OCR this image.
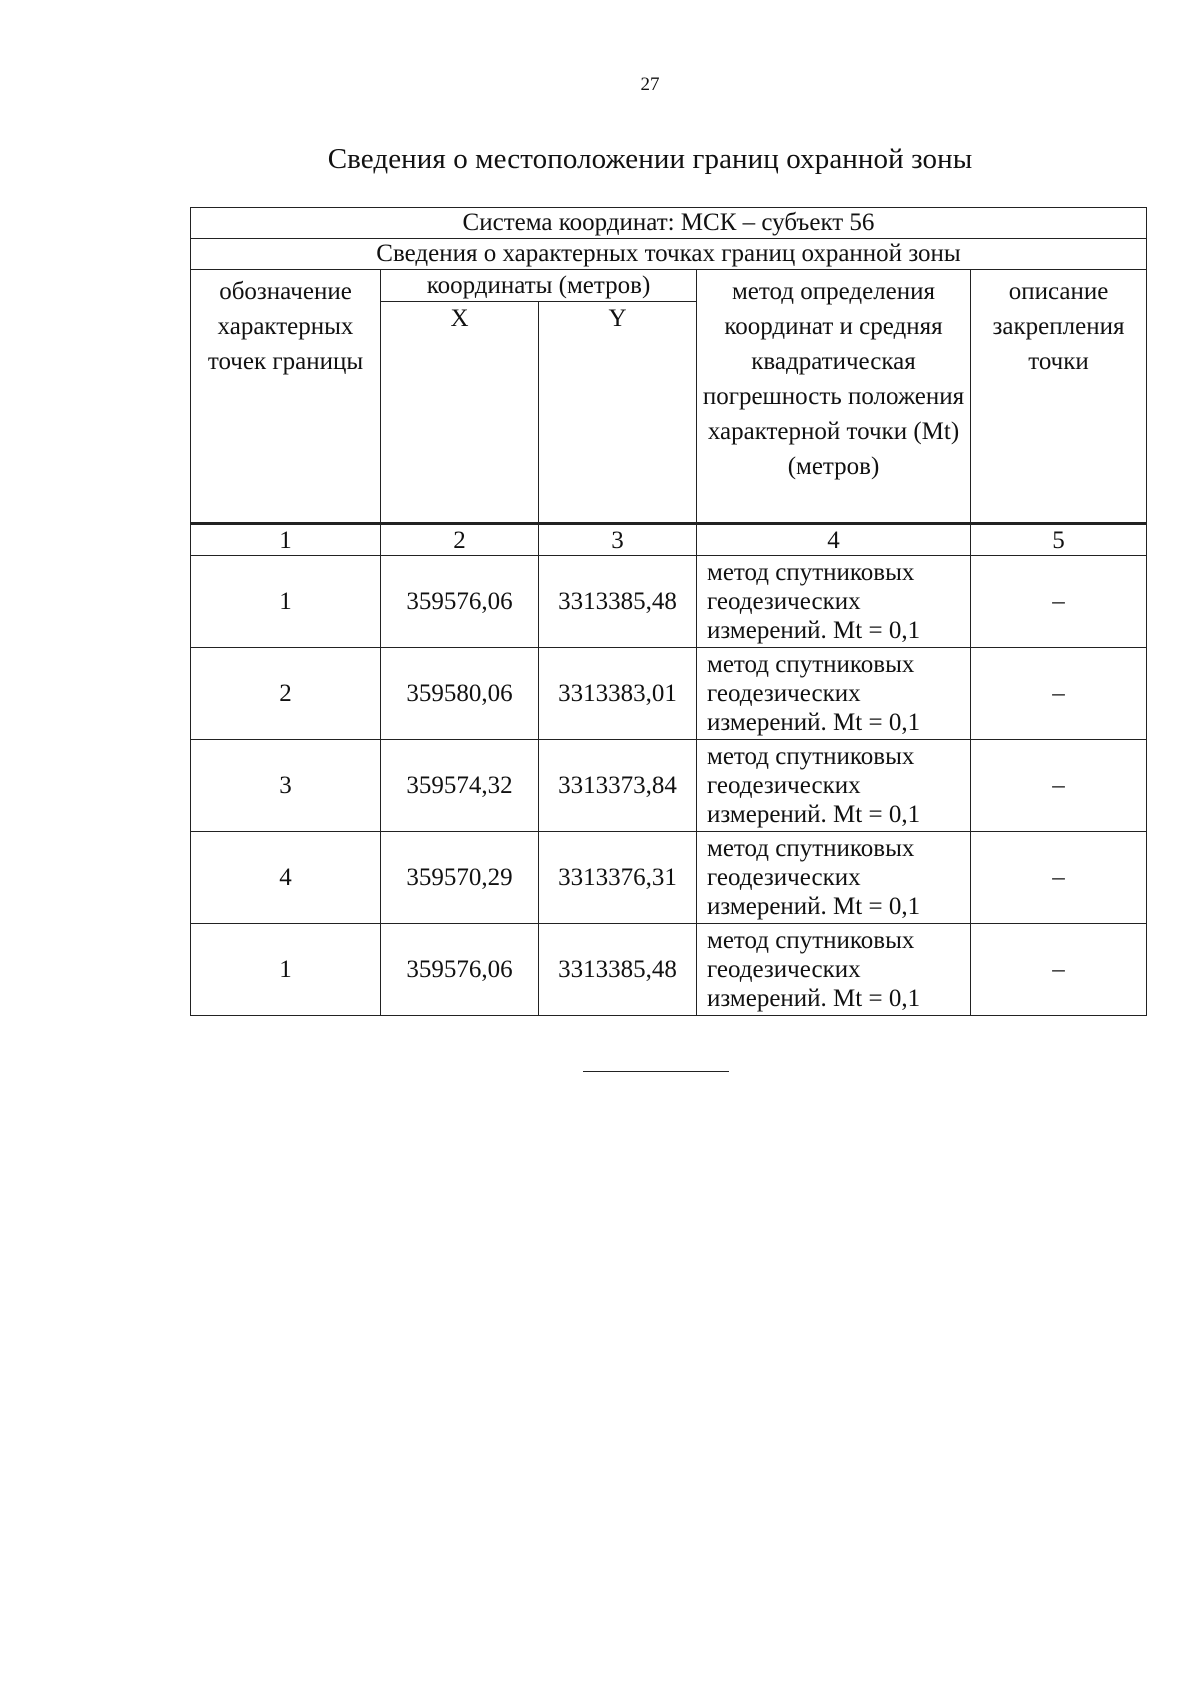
27
Сведения о местоположении границ охранной зоны
Система координат: МСК – субъект 56				
Сведения о характерных точках границ охранной зоны				
обозначение характерных точек границы	координаты (метров)		метод определения координат и средняя квадратическая погрешность положения характерной точки (Mt) (метров)	описание закрепления точки
	X	Y		
1	2	3	4	5
1	359576,06	3313385,48	метод спутниковых геодезических измерений. Mt = 0,1	–
2	359580,06	3313383,01	метод спутниковых геодезических измерений. Mt = 0,1	–
3	359574,32	3313373,84	метод спутниковых геодезических измерений. Mt = 0,1	–
4	359570,29	3313376,31	метод спутниковых геодезических измерений. Mt = 0,1	–
1	359576,06	3313385,48	метод спутниковых геодезических измерений. Mt = 0,1	–
